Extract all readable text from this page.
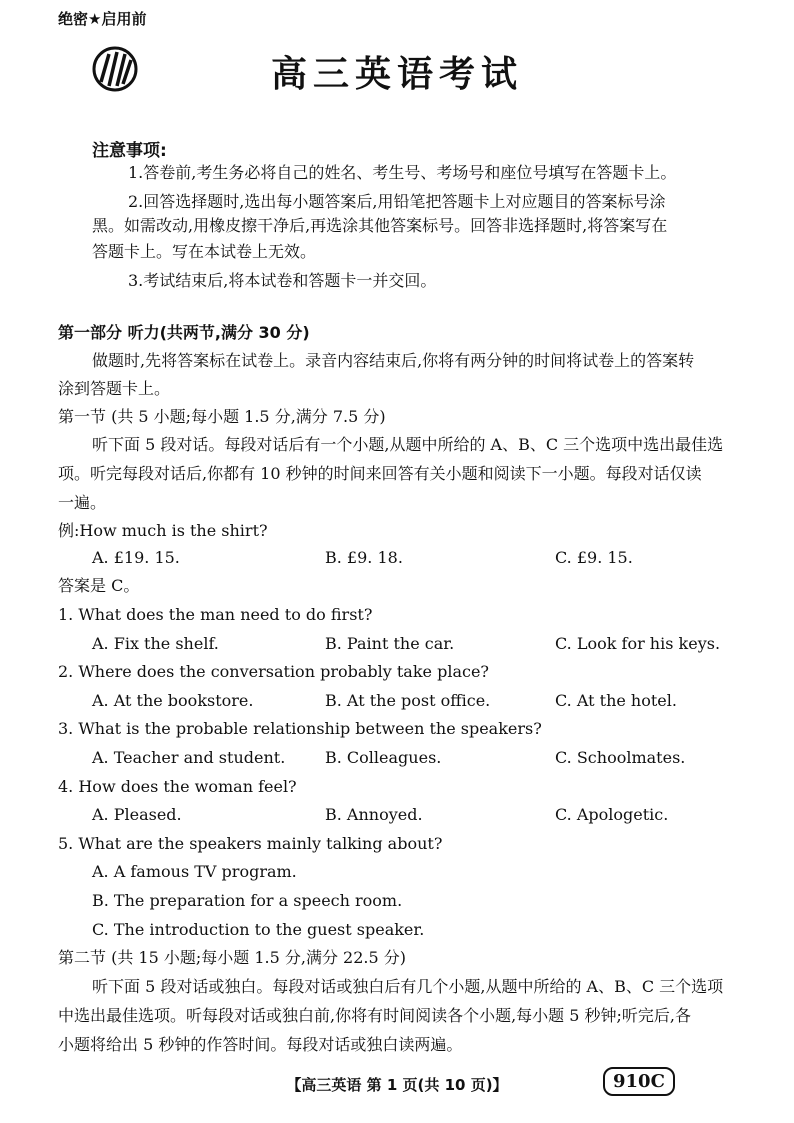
绝密★启用前
高三英语考试
注意事项:
1.答卷前,考生务必将自己的姓名、考生号、考场号和座位号填写在答题卡上。
2.回答选择题时,选出每小题答案后,用铅笔把答题卡上对应题目的答案标号涂
黑。如需改动,用橡皮擦干净后,再选涂其他答案标号。回答非选择题时,将答案写在
答题卡上。写在本试卷上无效。
3.考试结束后,将本试卷和答题卡一并交回。
第一部分 听力(共两节,满分 30 分)
做题时,先将答案标在试卷上。录音内容结束后,你将有两分钟的时间将试卷上的答案转
涂到答题卡上。
第一节 (共 5 小题;每小题 1.5 分,满分 7.5 分)
听下面 5 段对话。每段对话后有一个小题,从题中所给的 A、B、C 三个选项中选出最佳选
项。听完每段对话后,你都有 10 秒钟的时间来回答有关小题和阅读下一小题。每段对话仅读
一遍。
例:How much is the shirt?
A. £19. 15.	B. £9. 18.	C. £9. 15.
答案是 C。
1. What does the man need to do first?
A. Fix the shelf.	B. Paint the car.	C. Look for his keys.
2. Where does the conversation probably take place?
A. At the bookstore.	B. At the post office.	C. At the hotel.
3. What is the probable relationship between the speakers?
A. Teacher and student. B. Colleagues.	C. Schoolmates.
4. How does the woman feel?
A. Pleased.	B. Annoyed.	C. Apologetic.
5. What are the speakers mainly talking about?
A. A famous TV program.
B. The preparation for a speech room.
C. The introduction to the guest speaker.
第二节 (共 15 小题;每小题 1.5 分,满分 22.5 分)
听下面 5 段对话或独白。每段对话或独白后有几个小题,从题中所给的 A、B、C 三个选项
中选出最佳选项。听每段对话或独白前,你将有时间阅读各个小题,每小题 5 秒钟;听完后,各
小题将给出 5 秒钟的作答时间。每段对话或独白读两遍。
【高三英语 第 1 页(共 10 页)】	910C
